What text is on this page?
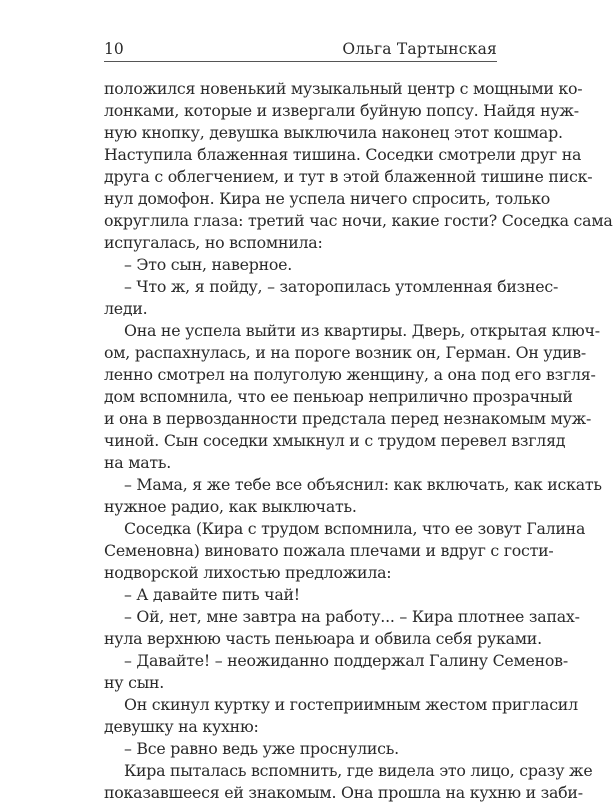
10	Ольга Тартынская
положился новенький музыкальный центр с мощными ко-
лонками, которые и извергали буйную попсу. Найдя нуж-
ную кнопку, девушка выключила наконец этот кошмар.
Наступила блаженная тишина. Соседки смотрели друг на
друга с облегчением, и тут в этой блаженной тишине писк-
нул домофон. Кира не успела ничего спросить, только
округлила глаза: третий час ночи, какие гости? Соседка сама
испугалась, но вспомнила:
– Это сын, наверное.
– Что ж, я пойду, – заторопилась утомленная бизнес-
леди.
Она не успела выйти из квартиры. Дверь, открытая ключ-
ом, распахнулась, и на пороге возник он, Герман. Он удив-
ленно смотрел на полуголую женщину, а она под его взгля-
дом вспомнила, что ее пеньюар неприлично прозрачный
и она в первозданности предстала перед незнакомым муж-
чиной. Сын соседки хмыкнул и с трудом перевел взгляд
на мать.
– Мама, я же тебе все объяснил: как включать, как искать
нужное радио, как выключать.
Соседка (Кира с трудом вспомнила, что ее зовут Галина
Семеновна) виновато пожала плечами и вдруг с гости-
нодворской лихостью предложила:
– А давайте пить чай!
– Ой, нет, мне завтра на работу... – Кира плотнее запах-
нула верхнюю часть пеньюара и обвила себя руками.
– Давайте! – неожиданно поддержал Галину Семенов-
ну сын.
Он скинул куртку и гостеприимным жестом пригласил
девушку на кухню:
– Все равно ведь уже проснулись.
Кира пыталась вспомнить, где видела это лицо, сразу же
показавшееся ей знакомым. Она прошла на кухню и заби-
